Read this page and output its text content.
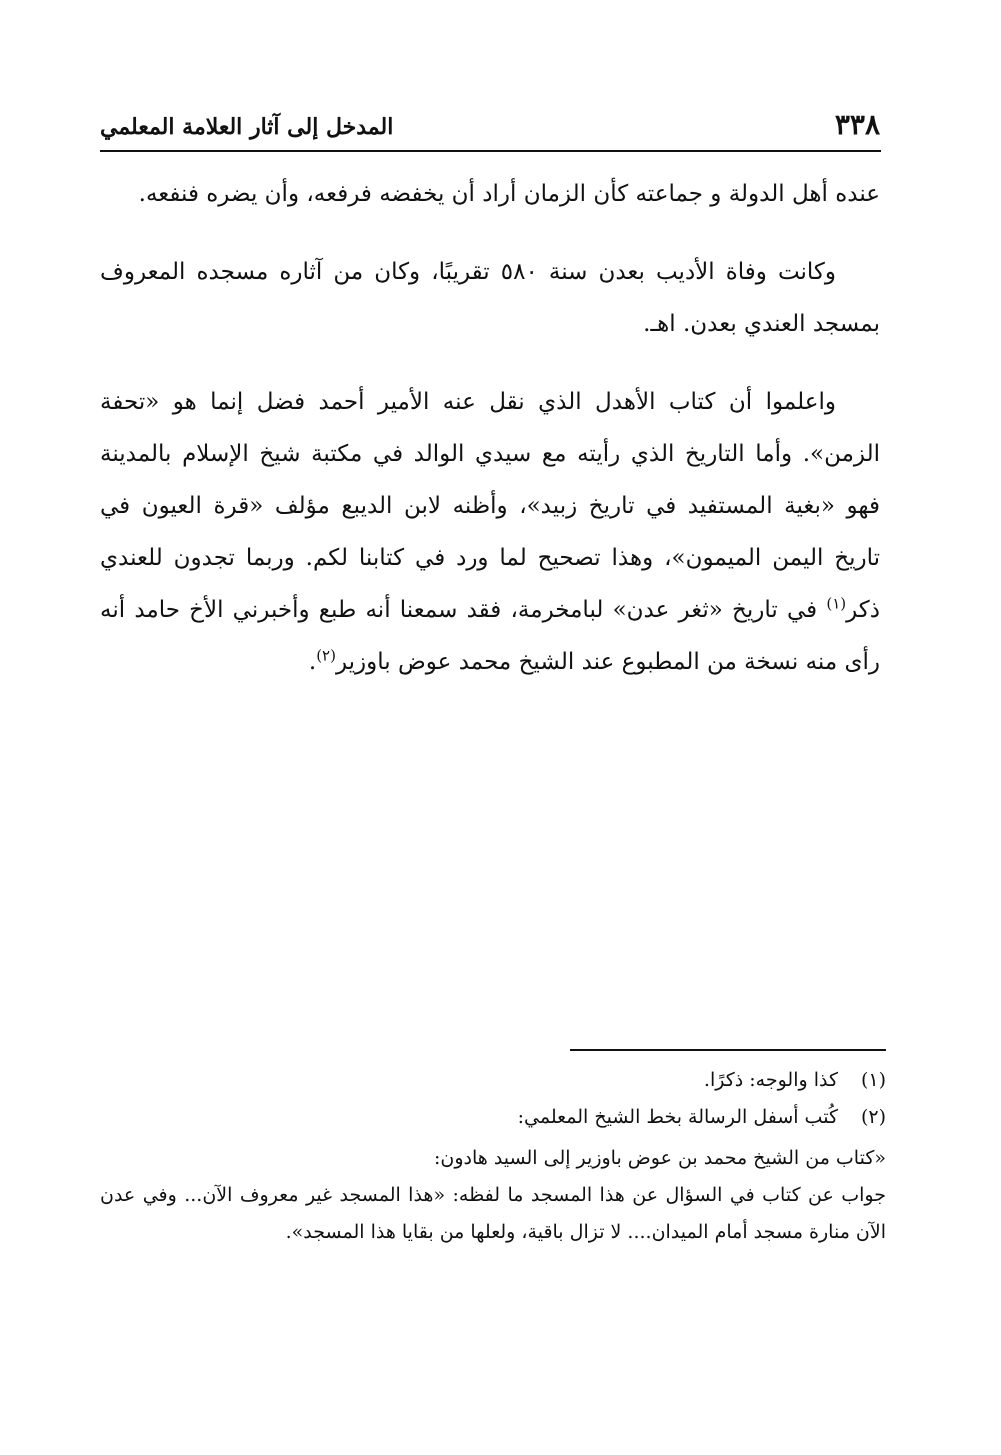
٣٣٨
المدخل إلى آثار العلامة المعلمي

عنده أهل الدولة و جماعته كأن الزمان أراد أن يخفضه فرفعه، وأن يضره فنفعه.

وكانت وفاة الأديب بعدن سنة ٥٨٠ تقريبًا، وكان من آثاره مسجده المعروف بمسجد العندي بعدن. اهـ.

واعلموا أن كتاب الأهدل الذي نقل عنه الأمير أحمد فضل إنما هو «تحفة الزمن». وأما التاريخ الذي رأيته مع سيدي الوالد في مكتبة شيخ الإسلام بالمدينة فهو «بغية المستفيد في تاريخ زبيد»، وأظنه لابن الديبع مؤلف «قرة العيون في تاريخ اليمن الميمون»، وهذا تصحيح لما ورد في كتابنا لكم. وربما تجدون للعندي ذكر$^{(١)}$ في تاريخ «ثغر عدن» لبامخرمة، فقد سمعنا أنه طبع وأخبرني الأخ حامد أنه رأى منه نسخة من المطبوع عند الشيخ محمد عوض باوزير$^{(٢)}$.

(١)كذا والوجه: ذكرًا.

(٢)كُتب أسفل الرسالة بخط الشيخ المعلمي:

«كتاب من الشيخ محمد بن عوض باوزير إلى السيد هادون:

جواب عن كتاب في السؤال عن هذا المسجد ما لفظه: «هذا المسجد غير معروف الآن... وفي عدن الآن منارة مسجد أمام الميدان.... لا تزال باقية، ولعلها من بقايا هذا المسجد».
